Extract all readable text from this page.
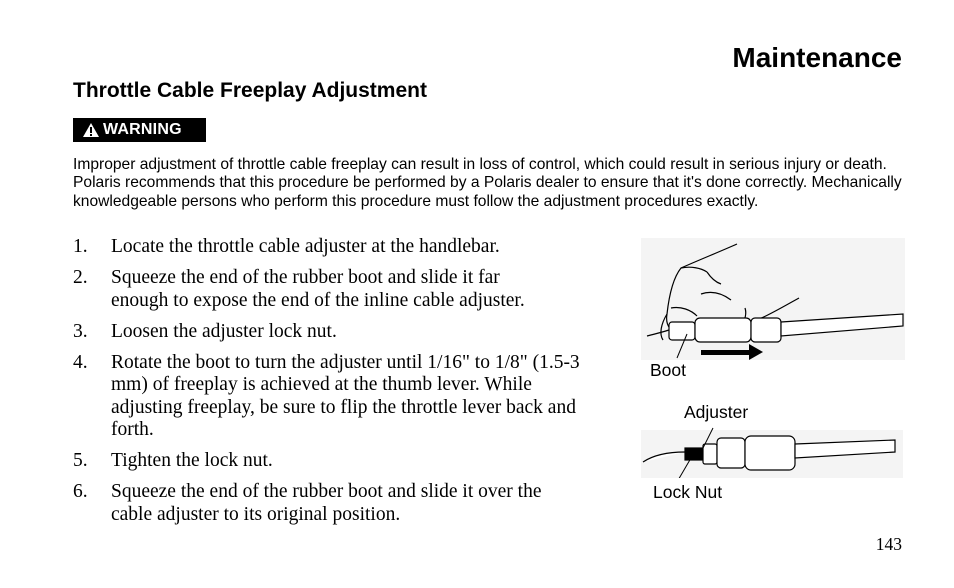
Maintenance
Throttle Cable Freeplay Adjustment
WARNING
Improper adjustment of throttle cable freeplay can result in loss of control, which could result in serious injury or death. Polaris recommends that this procedure be performed by a Polaris dealer to ensure that it's done correctly. Mechanically knowledgeable persons who perform this procedure must follow the adjustment procedures exactly.
1. Locate the throttle cable adjuster at the handlebar.
2. Squeeze the end of the rubber boot and slide it far enough to expose the end of the inline cable adjuster.
3. Loosen the adjuster lock nut.
4. Rotate the boot to turn the adjuster until 1/16" to 1/8" (1.5-3 mm) of freeplay is achieved at the thumb lever. While adjusting freeplay, be sure to flip the throttle lever back and forth.
5. Tighten the lock nut.
6. Squeeze the end of the rubber boot and slide it over the cable adjuster to its original position.
Boot
Adjuster
Lock Nut
143
